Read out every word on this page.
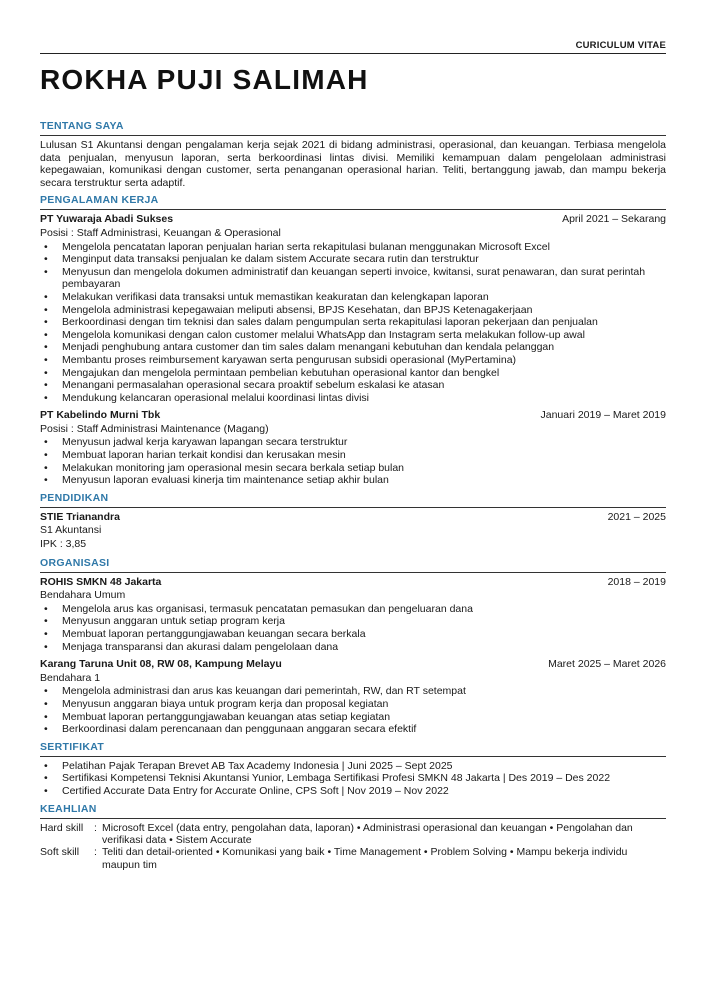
CURICULUM VITAE
ROKHA PUJI SALIMAH
TENTANG SAYA
Lulusan S1 Akuntansi dengan pengalaman kerja sejak 2021 di bidang administrasi, operasional, dan keuangan. Terbiasa mengelola data penjualan, menyusun laporan, serta berkoordinasi lintas divisi. Memiliki kemampuan dalam pengelolaan administrasi kepegawaian, komunikasi dengan customer, serta penanganan operasional harian. Teliti, bertanggung jawab, dan mampu bekerja secara terstruktur serta adaptif.
PENGALAMAN KERJA
PT Yuwaraja Abadi Sukses	April 2021 – Sekarang
Posisi : Staff Administrasi, Keuangan & Operasional
• Mengelola pencatatan laporan penjualan harian serta rekapitulasi bulanan menggunakan Microsoft Excel
• Menginput data transaksi penjualan ke dalam sistem Accurate secara rutin dan terstruktur
• Menyusun dan mengelola dokumen administratif dan keuangan seperti invoice, kwitansi, surat penawaran, dan surat perintah pembayaran
• Melakukan verifikasi data transaksi untuk memastikan keakuratan dan kelengkapan laporan
• Mengelola administrasi kepegawaian meliputi absensi, BPJS Kesehatan, dan BPJS Ketenagakerjaan
• Berkoordinasi dengan tim teknisi dan sales dalam pengumpulan serta rekapitulasi laporan pekerjaan dan penjualan
• Mengelola komunikasi dengan calon customer melalui WhatsApp dan Instagram serta melakukan follow-up awal
• Menjadi penghubung antara customer dan tim sales dalam menangani kebutuhan dan kendala pelanggan
• Membantu proses reimbursement karyawan serta pengurusan subsidi operasional (MyPertamina)
• Mengajukan dan mengelola permintaan pembelian kebutuhan operasional kantor dan bengkel
• Menangani permasalahan operasional secara proaktif sebelum eskalasi ke atasan
• Mendukung kelancaran operasional melalui koordinasi lintas divisi
PT Kabelindo Murni Tbk	Januari 2019 – Maret 2019
Posisi : Staff Administrasi Maintenance (Magang)
• Menyusun jadwal kerja karyawan lapangan secara terstruktur
• Membuat laporan harian terkait kondisi dan kerusakan mesin
• Melakukan monitoring jam operasional mesin secara berkala setiap bulan
• Menyusun laporan evaluasi kinerja tim maintenance setiap akhir bulan
PENDIDIKAN
STIE Trianandra	2021 – 2025
S1 Akuntansi
IPK : 3,85
ORGANISASI
ROHIS SMKN 48 Jakarta	2018 – 2019
Bendahara Umum
• Mengelola arus kas organisasi, termasuk pencatatan pemasukan dan pengeluaran dana
• Menyusun anggaran untuk setiap program kerja
• Membuat laporan pertanggungjawaban keuangan secara berkala
• Menjaga transparansi dan akurasi dalam pengelolaan dana
Karang Taruna Unit 08, RW 08, Kampung Melayu	Maret 2025 – Maret 2026
Bendahara 1
• Mengelola administrasi dan arus kas keuangan dari pemerintah, RW, dan RT setempat
• Menyusun anggaran biaya untuk program kerja dan proposal kegiatan
• Membuat laporan pertanggungjawaban keuangan atas setiap kegiatan
• Berkoordinasi dalam perencanaan dan penggunaan anggaran secara efektif
SERTIFIKAT
• Pelatihan Pajak Terapan Brevet AB Tax Academy Indonesia | Juni 2025 – Sept 2025
• Sertifikasi Kompetensi Teknisi Akuntansi Yunior, Lembaga Sertifikasi Profesi SMKN 48 Jakarta | Des 2019 – Des 2022
• Certified Accurate Data Entry for Accurate Online, CPS Soft | Nov 2019 – Nov 2022
KEAHLIAN
Hard skill	: Microsoft Excel (data entry, pengolahan data, laporan) • Administrasi operasional dan keuangan • Pengolahan dan verifikasi data • Sistem Accurate
Soft skill	: Teliti dan detail-oriented • Komunikasi yang baik • Time Management • Problem Solving • Mampu bekerja individu maupun tim
